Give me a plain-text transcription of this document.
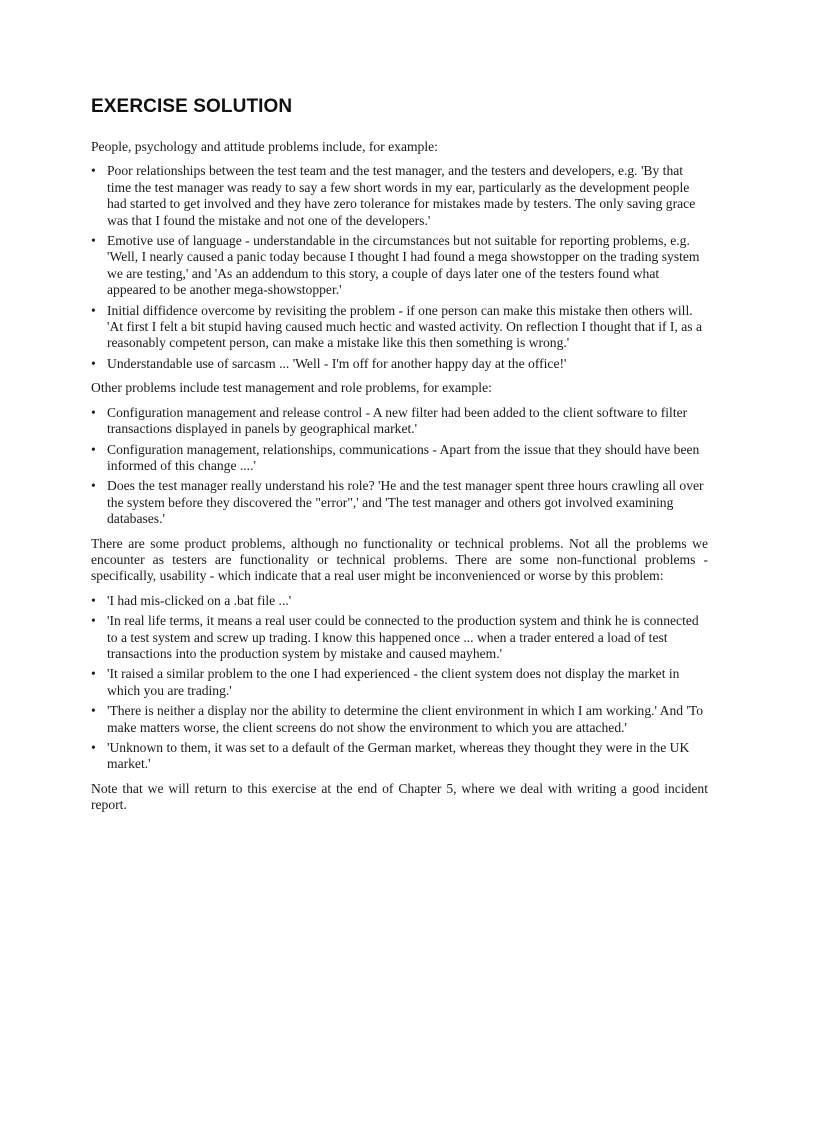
EXERCISE SOLUTION

People, psychology and attitude problems include, for example:

• Poor relationships between the test team and the test manager, and the testers and developers, e.g. 'By that time the test manager was ready to say a few short words in my ear, particularly as the development people had started to get involved and they have zero tolerance for mistakes made by testers. The only saving grace was that I found the mistake and not one of the developers.'
• Emotive use of language - understandable in the circumstances but not suitable for reporting problems, e.g. 'Well, I nearly caused a panic today because I thought I had found a mega showstopper on the trading system we are testing,' and 'As an addendum to this story, a couple of days later one of the testers found what appeared to be another mega-showstopper.'
• Initial diffidence overcome by revisiting the problem - if one person can make this mistake then others will. 'At first I felt a bit stupid having caused much hectic and wasted activity. On reflection I thought that if I, as a reasonably competent person, can make a mistake like this then something is wrong.'
• Understandable use of sarcasm ... 'Well - I'm off for another happy day at the office!'

Other problems include test management and role problems, for example:

• Configuration management and release control - A new filter had been added to the client software to filter transactions displayed in panels by geographical market.'
• Configuration management, relationships, communications - Apart from the issue that they should have been informed of this change ....'
• Does the test manager really understand his role? 'He and the test manager spent three hours crawling all over the system before they discovered the "error",' and 'The test manager and others got involved examining databases.'

There are some product problems, although no functionality or technical problems. Not all the problems we encounter as testers are functionality or technical problems. There are some non-functional problems - specifically, usability - which indicate that a real user might be inconvenienced or worse by this problem:

• 'I had mis-clicked on a .bat file ...'
• 'In real life terms, it means a real user could be connected to the production system and think he is connected to a test system and screw up trading. I know this happened once ... when a trader entered a load of test transactions into the production system by mistake and caused mayhem.'
• 'It raised a similar problem to the one I had experienced - the client system does not display the market in which you are trading.'
• 'There is neither a display nor the ability to determine the client environment in which I am working.' And 'To make matters worse, the client screens do not show the environment to which you are attached.'
• 'Unknown to them, it was set to a default of the German market, whereas they thought they were in the UK market.'

Note that we will return to this exercise at the end of Chapter 5, where we deal with writing a good incident report.
